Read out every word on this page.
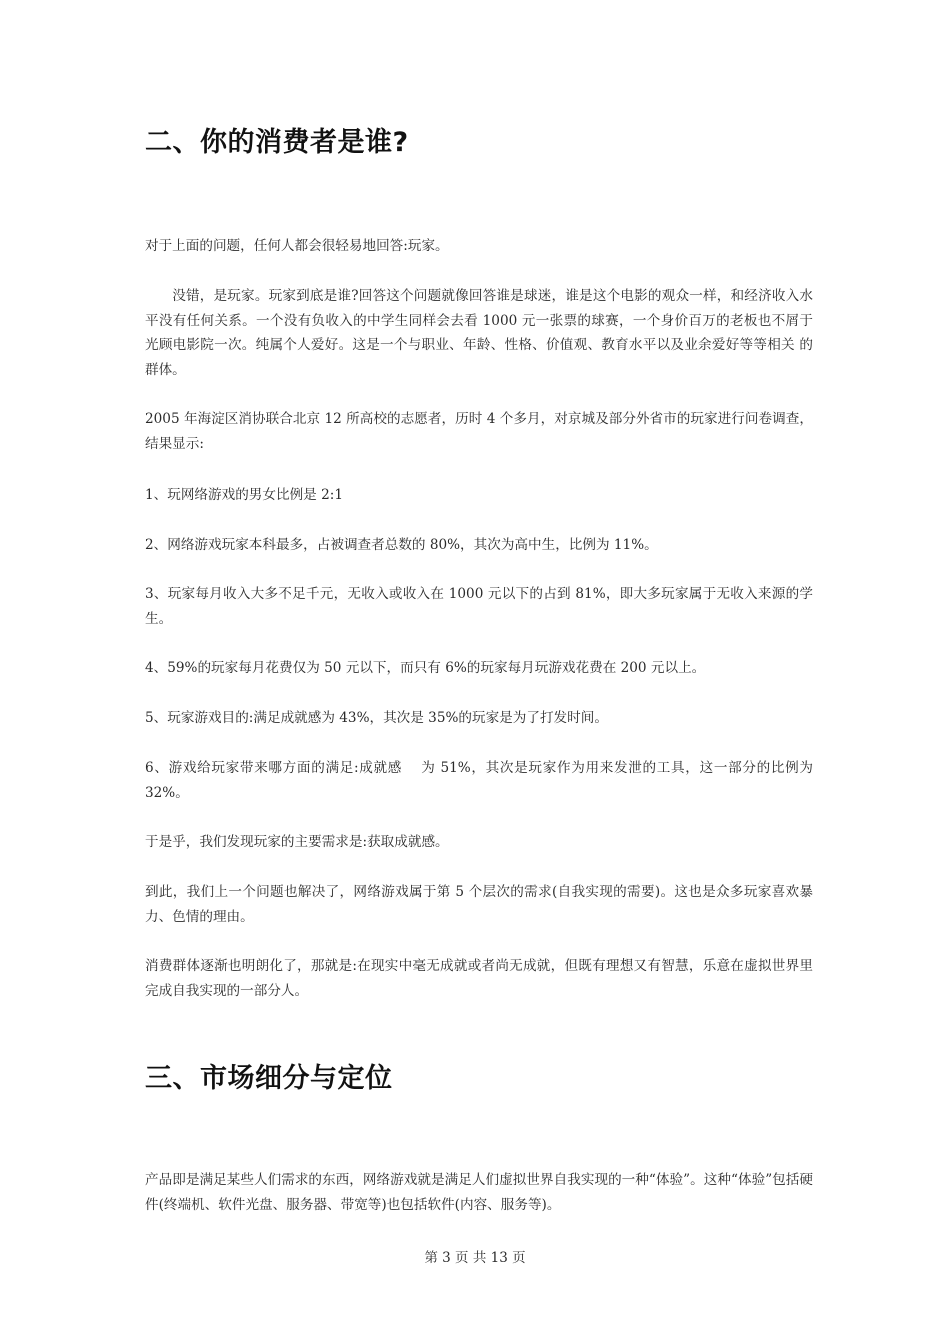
二、你的消费者是谁?

对于上面的问题，任何人都会很轻易地回答:玩家。

没错，是玩家。玩家到底是谁?回答这个问题就像回答谁是球迷，谁是这个电影的观众一样，和经济收入水平没有任何关系。一个没有负收入的中学生同样会去看 1000 元一张票的球赛，一个身价百万的老板也不屑于光顾电影院一次。纯属个人爱好。这是一个与职业、年龄、性格、价值观、教育水平以及业余爱好等等相关 的群体。

2005 年海淀区消协联合北京 12 所高校的志愿者，历时 4 个多月，对京城及部分外省市的玩家进行问卷调查，结果显示:

1、玩网络游戏的男女比例是 2:1

2、网络游戏玩家本科最多，占被调查者总数的 80%，其次为高中生，比例为 11%。

3、玩家每月收入大多不足千元，无收入或收入在 1000 元以下的占到 81%，即大多玩家属于无收入来源的学生。

4、59%的玩家每月花费仅为 50 元以下，而只有 6%的玩家每月玩游戏花费在 200 元以上。

5、玩家游戏目的:满足成就感为 43%，其次是 35%的玩家是为了打发时间。

6、游戏给玩家带来哪方面的满足:成就感　 为 51%，其次是玩家作为用来发泄的工具，这一部分的比例为 32%。

于是乎，我们发现玩家的主要需求是:获取成就感。

到此，我们上一个问题也解决了，网络游戏属于第 5 个层次的需求(自我实现的需要)。这也是众多玩家喜欢暴力、色情的理由。

消费群体逐渐也明朗化了，那就是:在现实中毫无成就或者尚无成就，但既有理想又有智慧，乐意在虚拟世界里完成自我实现的一部分人。

三、市场细分与定位

产品即是满足某些人们需求的东西，网络游戏就是满足人们虚拟世界自我实现的一种“体验”。这种“体验”包括硬件(终端机、软件光盘、服务器、带宽等)也包括软件(内容、服务等)。

第 3 页 共 13 页
